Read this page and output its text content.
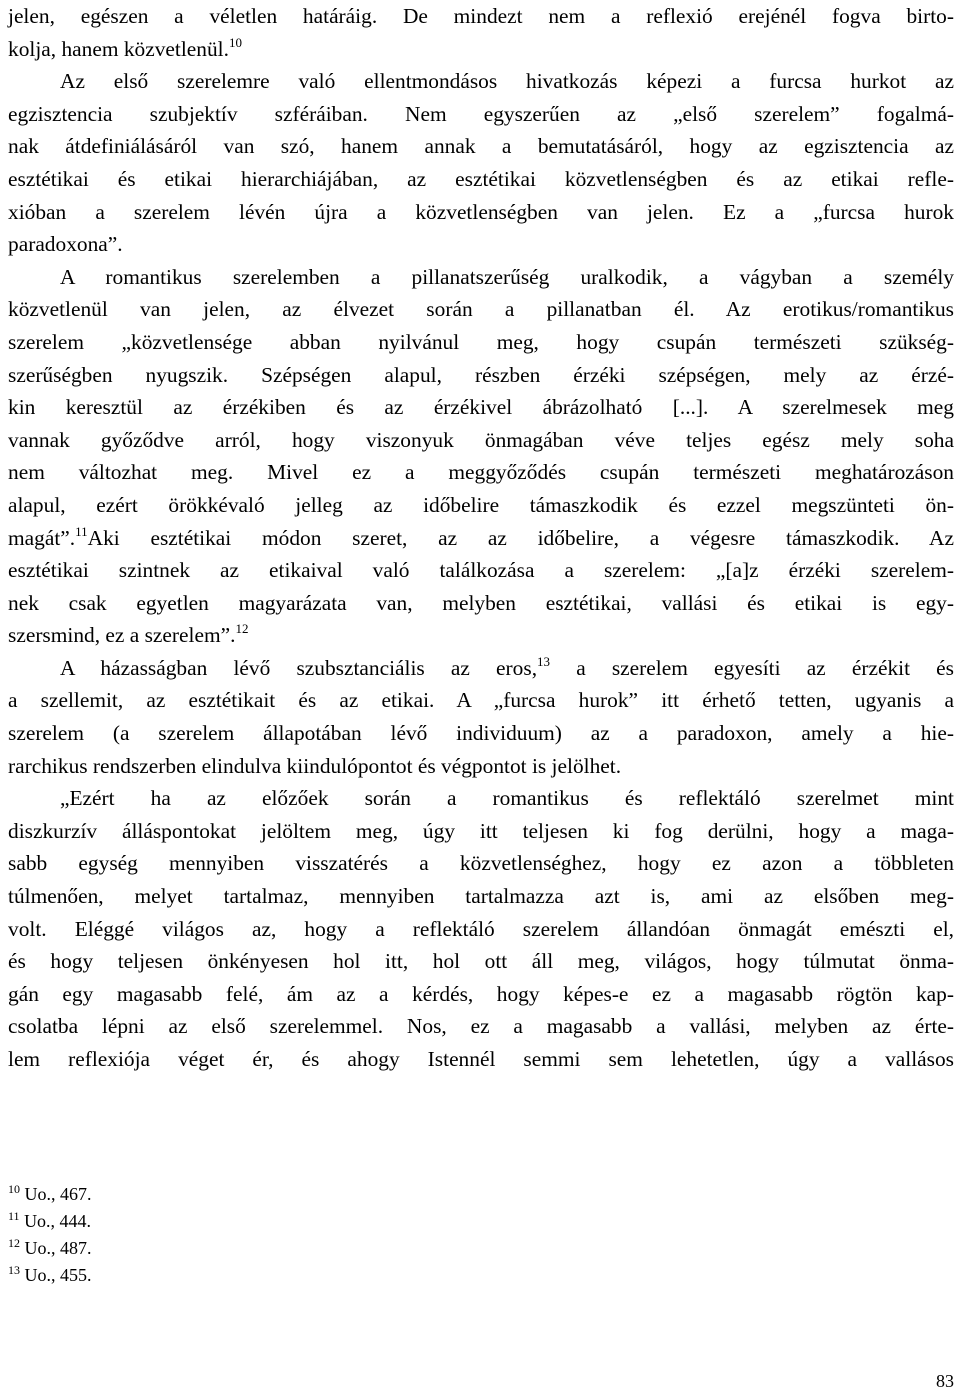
jelen, egészen a véletlen határáig. De mindezt nem a reflexió erejénél fogva birto-
kolja, hanem közvetlenül.$^{10}$
Az első szerelemre való ellentmondásos hivatkozás képezi a furcsa hurkot az
egzisztencia szubjektív szféráiban. Nem egyszerűen az „első szerelem” fogalmá-
nak átdefiniálásáról van szó, hanem annak a bemutatásáról, hogy az egzisztencia az
esztétikai és etikai hierarchiájában, az esztétikai közvetlenségben és az etikai refle-
xióban a szerelem lévén újra a közvetlenségben van jelen. Ez a „furcsa hurok
paradoxona”.
A romantikus szerelemben a pillanatszerűség uralkodik, a vágyban a személy
közvetlenül van jelen, az élvezet során a pillanatban él. Az erotikus/romantikus
szerelem „közvetlensége abban nyilvánul meg, hogy csupán természeti szükség-
szerűségben nyugszik. Szépségen alapul, részben érzéki szépségen, mely az érzé-
kin keresztül az érzékiben és az érzékivel ábrázolható [...]. A szerelmesek meg
vannak győződve arról, hogy viszonyuk önmagában véve teljes egész mely soha
nem változhat meg. Mivel ez a meggyőződés csupán természeti meghatározáson
alapul, ezért örökkévaló jelleg az időbelire támaszkodik és ezzel megszünteti ön-
magát”.$^{11}$Aki esztétikai módon szeret, az az időbelire, a végesre támaszkodik. Az
esztétikai szintnek az etikaival való találkozása a szerelem: „[a]z érzéki szerelem-
nek csak egyetlen magyarázata van, melyben esztétikai, vallási és etikai is egy-
szersmind, ez a szerelem”.$^{12}$
A házasságban lévő szubsztanciális az eros,$^{13}$ a szerelem egyesíti az érzékit és
a szellemit, az esztétikait és az etikai. A „furcsa hurok” itt érhető tetten, ugyanis a
szerelem (a szerelem állapotában lévő individuum) az a paradoxon, amely a hie-
rarchikus rendszerben elindulva kiindulópontot és végpontot is jelölhet.
„Ezért ha az előzőek során a romantikus és reflektáló szerelmet mint
diszkurzív álláspontokat jelöltem meg, úgy itt teljesen ki fog derülni, hogy a maga-
sabb egység mennyiben visszatérés a közvetlenséghez, hogy ez azon a többleten
túlmenően, melyet tartalmaz, mennyiben tartalmazza azt is, ami az elsőben meg-
volt. Eléggé világos az, hogy a reflektáló szerelem állandóan önmagát emészti el,
és hogy teljesen önkényesen hol itt, hol ott áll meg, világos, hogy túlmutat önma-
gán egy magasabb felé, ám az a kérdés, hogy képes-e ez a magasabb rögtön kap-
csolatba lépni az első szerelemmel. Nos, ez a magasabb a vallási, melyben az érte-
lem reflexiója véget ér, és ahogy Istennél semmi sem lehetetlen, úgy a vallásos
$^{10}$ Uo., 467.
$^{11}$ Uo., 444.
$^{12}$ Uo., 487.
$^{13}$ Uo., 455.
83
